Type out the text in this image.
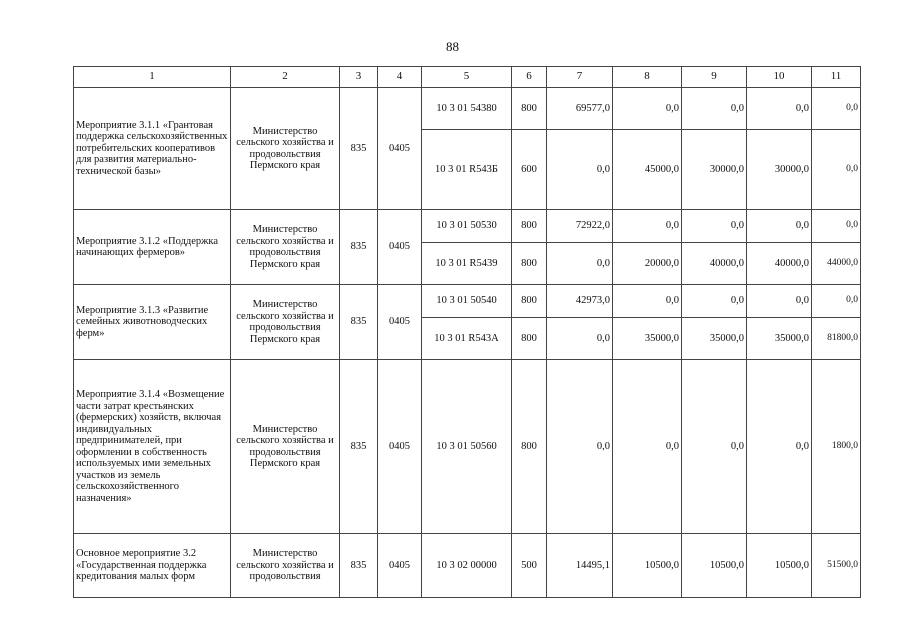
88
1	2	3	4	5	6	7	8	9	10	11
Мероприятие 3.1.1 «Грантовая поддержка сельскохозяйственных потребительских кооперативов для развития материально-технической базы»	Министерство сельского хозяйства и продовольствия Пермского края	835	0405	10 3 01 54380	800	69577,0	0,0	0,0	0,0	0,0
				10 3 01 R543Б	600	0,0	45000,0	30000,0	30000,0	0,0
Мероприятие 3.1.2 «Поддержка начинающих фермеров»	Министерство сельского хозяйства и продовольствия Пермского края	835	0405	10 3 01 50530	800	72922,0	0,0	0,0	0,0	0,0
				10 3 01 R5439	800	0,0	20000,0	40000,0	40000,0	44000,0
Мероприятие 3.1.3 «Развитие семейных животноводческих ферм»	Министерство сельского хозяйства и продовольствия Пермского края	835	0405	10 3 01 50540	800	42973,0	0,0	0,0	0,0	0,0
				10 3 01 R543А	800	0,0	35000,0	35000,0	35000,0	81800,0
Мероприятие 3.1.4 «Возмещение части затрат крестьянских (фермерских) хозяйств, включая индивидуальных предпринимателей, при оформлении в собственность используемых ими земельных участков из земель сельскохозяйственного назначения»	Министерство сельского хозяйства и продовольствия Пермского края	835	0405	10 3 01 50560	800	0,0	0,0	0,0	0,0	1800,0
Основное мероприятие 3.2 «Государственная поддержка кредитования малых форм	Министерство сельского хозяйства и продовольствия	835	0405	10 3 02 00000	500	14495,1	10500,0	10500,0	10500,0	51500,0
